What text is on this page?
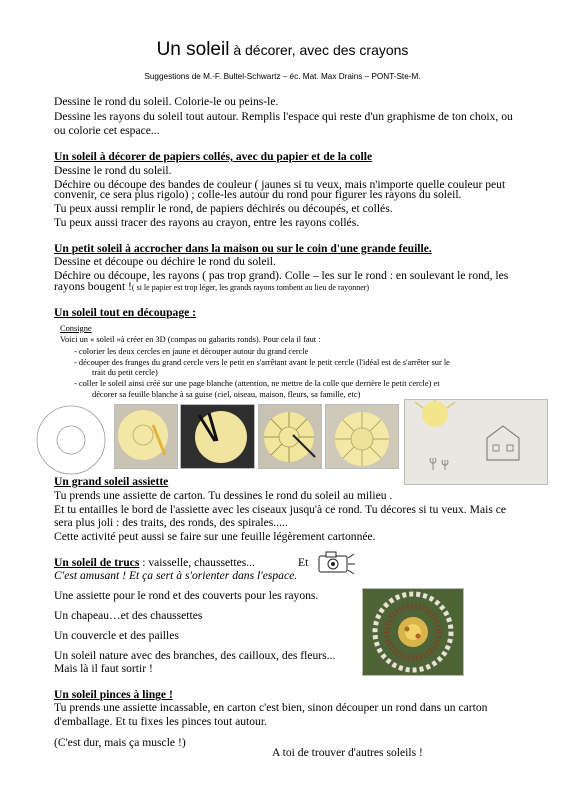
Un soleil à décorer, avec des crayons
Suggestions de M.-F. Bultel-Schwartz – éc. Mat. Max Drains – PONT-Ste-M.
Dessine le rond du soleil. Colorie-le ou peins-le.
Dessine les rayons du soleil tout autour. Remplis l'espace qui reste d'un graphisme de ton choix, ou
ou colorie cet espace...
Un soleil à décorer de papiers collés, avec du papier et de la colle
Dessine le rond du soleil.
Déchire ou découpe des bandes de couleur ( jaunes si tu veux, mais n'importe quelle couleur peut
convenir, ce sera plus rigolo) ; colle-les autour du rond pour figurer les rayons du soleil.
Tu peux aussi remplir le rond, de papiers déchirés ou découpés, et collés.
Tu peux aussi tracer des rayons au crayon, entre les rayons collés.
Un petit soleil à accrocher dans la maison ou sur le coin d'une grande feuille.
Dessine et découpe ou déchire le rond du soleil.
Déchire ou découpe, les rayons ( pas trop grand). Colle – les sur le rond : en soulevant le rond, les
rayons bougent !( si le papier est trop léger, les grands rayons tombent au lieu de rayonner)
Un soleil tout en découpage :
Consigne
Voici un « soleil »à créer en 3D (compas ou gabarits ronds). Pour cela il faut :
- colorier les deux cercles en jaune et découper autour du grand cercle
- découper des franges du grand cercle vers le petit en s'arrêtant avant le petit cercle (l'idéal est de s'arrêter sur le
trait du petit cercle)
- coller le soleil ainsi créé sur une page blanche (attention, ne mettre de la colle que derrière le petit cercle) et
décorer sa feuille blanche à sa guise (ciel, oiseau, maison, fleurs, sa famille, etc)
Un grand soleil assiette
Tu prends une assiette de carton. Tu dessines le rond du soleil au milieu .
Et tu entailles le bord de l'assiette avec les ciseaux jusqu'à ce rond. Tu décores si tu veux. Mais ce
sera plus joli : des traits, des ronds, des spirales.....
Cette activité peut aussi se faire sur une feuille légèrement cartonnée.
Un soleil de trucs : vaisselle, chaussettes...	Et
C'est amusant ! Et ça sert à s'orienter dans l'espace.
Une assiette pour le rond et des couverts pour les rayons.
Un chapeau…et des chaussettes
Un couvercle et des pailles
Un soleil nature avec des branches, des cailloux, des fleurs...
Mais là il faut sortir !
Un soleil pinces à linge !
Tu prends une assiette incassable, en carton c'est bien, sinon découper un rond dans un carton
d'emballage. Et tu fixes les pinces tout autour.
(C'est dur, mais ça muscle !)
A toi de trouver d'autres soleils !
